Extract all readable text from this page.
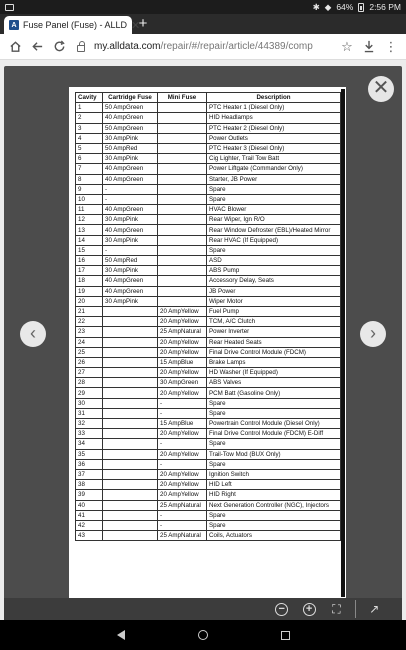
✱ ◆ 64% 2:56 PM
A Fuse Panel (Fuse) - ALLD ✕
+
my.alldata.com/repair/#/repair/article/44389/comp	☆	⋮
✕
‹	›
Cavity	Cartridge Fuse	Mini Fuse	Description
1	50 AmpGreen		PTC Heater 1 (Diesel Only)
2	40 AmpGreen		HID Headlamps
3	50 AmpGreen		PTC Heater 2 (Diesel Only)
4	30 AmpPink		Power Outlets
5	50 AmpRed		PTC Heater 3 (Diesel Only)
6	30 AmpPink		Cig Lighter, Trail Tow Batt
7	40 AmpGreen		Power Liftgate (Commander Only)
8	40 AmpGreen		Starter, JB Power
9	-		Spare
10	-		Spare
11	40 AmpGreen		HVAC Blower
12	30 AmpPink		Rear Wiper, Ign R/O
13	40 AmpGreen		Rear Window Defroster (EBL)/Heated Mirror
14	30 AmpPink		Rear HVAC (If Equipped)
15	-		Spare
16	50 AmpRed		ASD
17	30 AmpPink		ABS Pump
18	40 AmpGreen		Accessory Delay, Seats
19	40 AmpGreen		JB Power
20	30 AmpPink		Wiper Motor
21		20 AmpYellow	Fuel Pump
22		20 AmpYellow	TCM, A/C Clutch
23		25 AmpNatural	Power Inverter
24		20 AmpYellow	Rear Heated Seats
25		20 AmpYellow	Final Drive Control Module (FDCM)
26		15 AmpBlue	Brake Lamps
27		20 AmpYellow	HD Washer (If Equipped)
28		30 AmpGreen	ABS Valves
29		20 AmpYellow	PCM Batt (Gasoline Only)
30		-	Spare
31		-	Spare
32		15 AmpBlue	Powertrain Control Module (Diesel Only)
33		20 AmpYellow	Final Drive Control Module (FDCM) E-Diff
34		-	Spare
35		20 AmpYellow	Trail-Tow Mod (BUX Only)
36		-	Spare
37		20 AmpYellow	Ignition Switch
38		20 AmpYellow	HID Left
39		20 AmpYellow	HID Right
40		25 AmpNatural	Next Generation Controller (NGC), Injectors
41		-	Spare
42		-	Spare
43		25 AmpNatural	Coils, Actuators
− + ⛶ ↗
